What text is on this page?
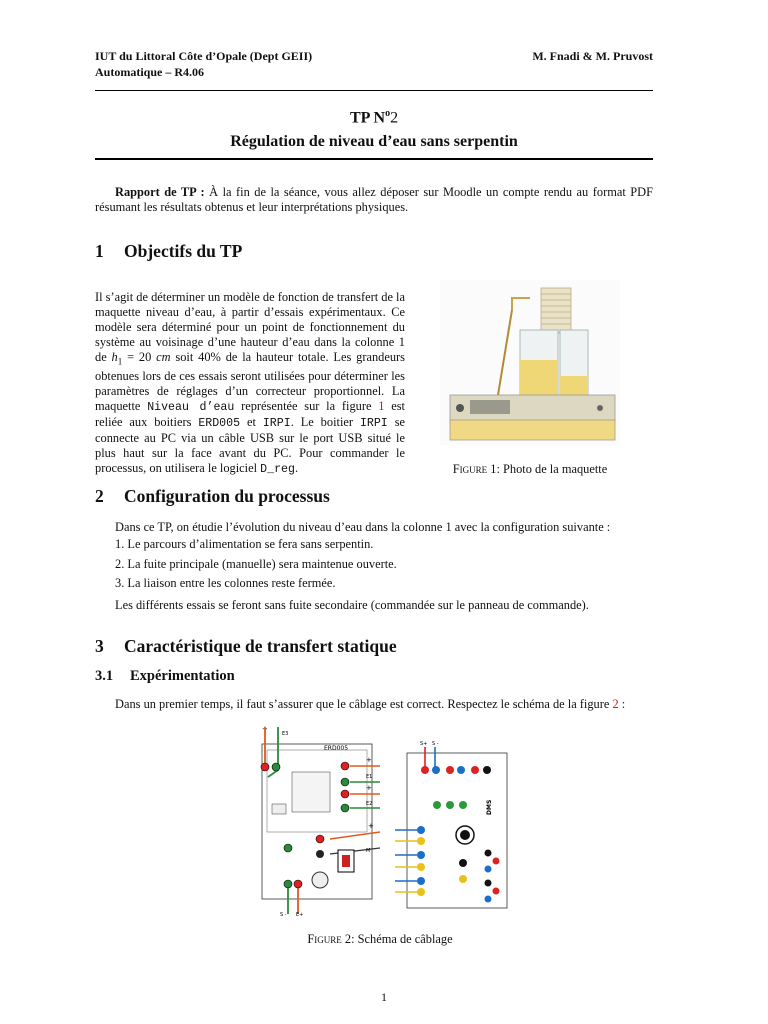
IUT du Littoral Côte d’Opale (Dept GEII)
Automatique – R4.06
M. Fnadi & M. Pruvost
TP $N^o2$
Régulation de niveau d’eau sans serpentin
Rapport de TP : À la fin de la séance, vous allez déposer sur Moodle un compte rendu au format PDF résumant les résultats obtenus et leur interprétations physiques.
1 Objectifs du TP
Il s’agit de déterminer un modèle de fonction de transfert de la maquette niveau d’eau, à partir d’essais expérimentaux. Ce modèle sera déterminé pour un point de fonctionnement du système au voisinage d’une hauteur d’eau dans la colonne 1 de $h_1 = 20$ cm soit 40% de la hauteur totale. Les grandeurs obtenues lors de ces essais seront utilisées pour déterminer les paramètres de réglages d’un correcteur proportionnel. La maquette Niveau d’eau représentée sur la figure 1 est reliée aux boitiers ERD005 et IRPI. Le boitier IRPI se connecte au PC via un câble USB sur le port USB situé le plus haut sur la face avant du PC. Pour commander le processus, on utilisera le logiciel D_reg.	Figure 1: Photo de la maquette
2 Configuration du processus
Dans ce TP, on étudie l’évolution du niveau d’eau dans la colonne 1 avec la configuration suivante :
1. Le parcours d’alimentation se fera sans serpentin.
2. La fuite principale (manuelle) sera maintenue ouverte.
3. La liaison entre les colonnes reste fermée.
Les différents essais se feront sans fuite secondaire (commandée sur le panneau de commande).
3 Caractéristique de transfert statique
3.1 Expérimentation
Dans un premier temps, il faut s’assurer que le câblage est correct. Respectez le schéma de la figure 2 :
ERD005
E3
+
+
E1
+
E2
+
M
S - E+
S+ S -
DMS
Figure 2: Schéma de câblage
1
